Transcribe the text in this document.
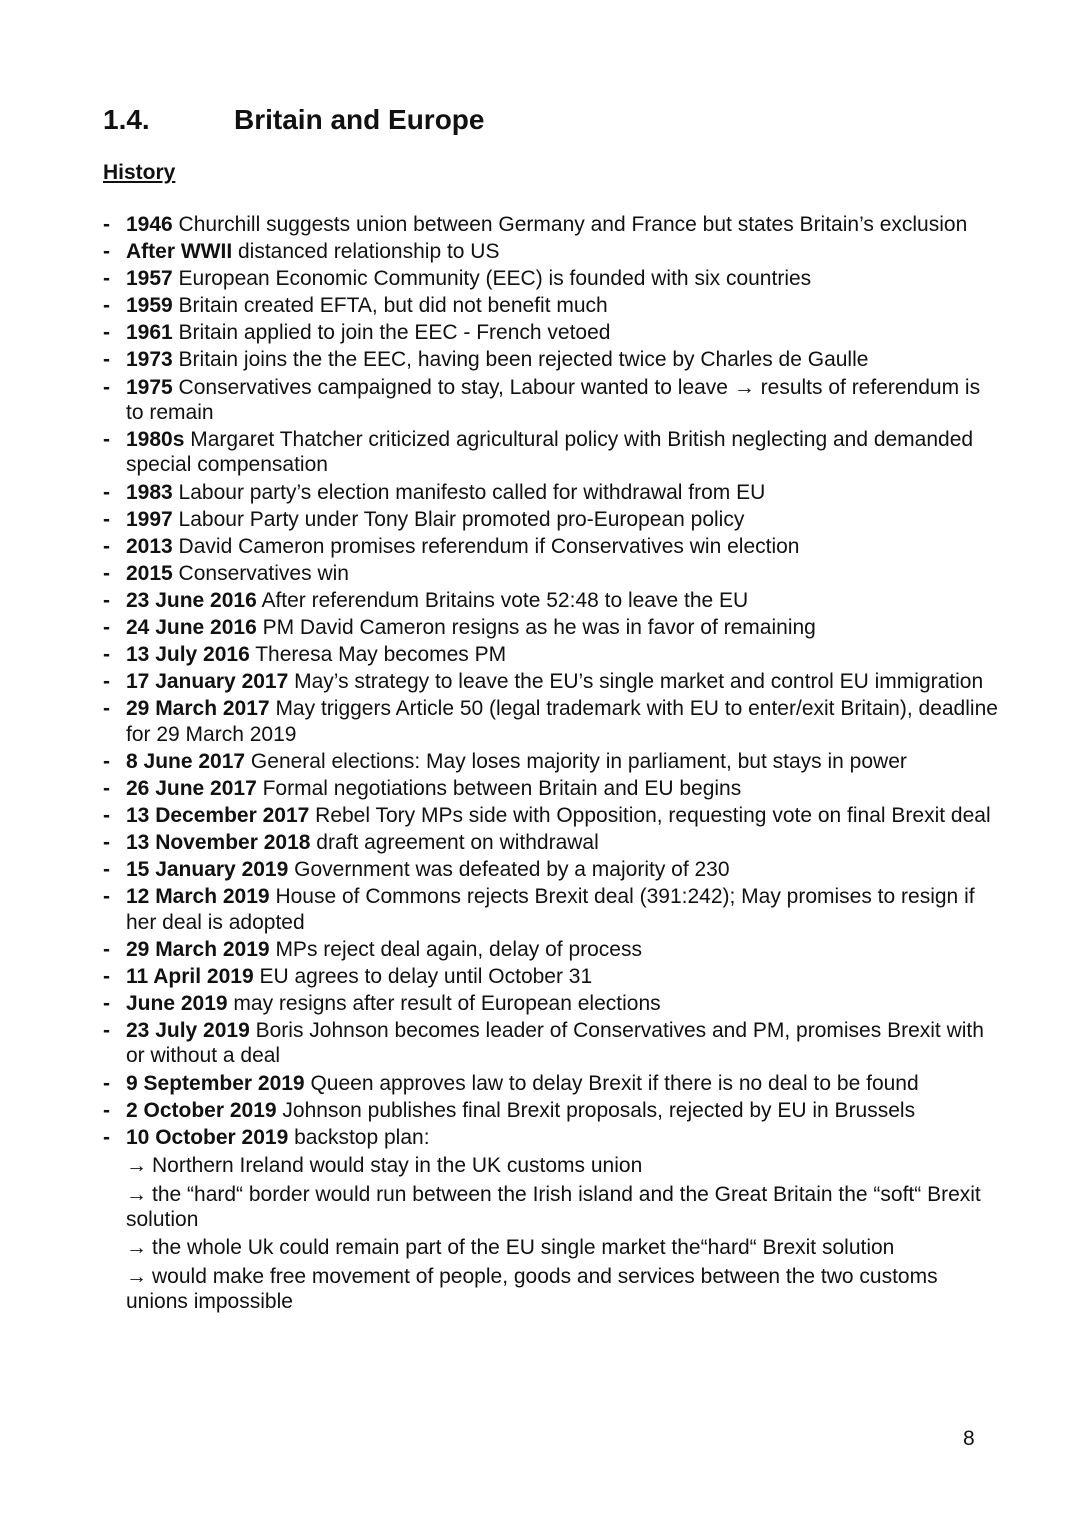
1.4.	Britain and Europe
History
- 1946 Churchill suggests union between Germany and France but states Britain’s exclusion
- After WWII distanced relationship to US
- 1957 European Economic Community (EEC) is founded with six countries
- 1959 Britain created EFTA, but did not benefit much
- 1961 Britain applied to join the EEC - French vetoed
- 1973 Britain joins the the EEC, having been rejected twice by Charles de Gaulle
- 1975 Conservatives campaigned to stay, Labour wanted to leave → results of referendum is to remain
- 1980s Margaret Thatcher criticized agricultural policy with British neglecting and demanded special compensation
- 1983 Labour party’s election manifesto called for withdrawal from EU
- 1997 Labour Party under Tony Blair promoted pro-European policy
- 2013 David Cameron promises referendum if Conservatives win election
- 2015 Conservatives win
- 23 June 2016 After referendum Britains vote 52:48 to leave the EU
- 24 June 2016 PM David Cameron resigns as he was in favor of remaining
- 13 July 2016 Theresa May becomes PM
- 17 January 2017 May’s strategy to leave the EU’s single market and control EU immigration
- 29 March 2017 May triggers Article 50 (legal trademark with EU to enter/exit Britain), deadline for 29 March 2019
- 8 June 2017 General elections: May loses majority in parliament, but stays in power
- 26 June 2017 Formal negotiations between Britain and EU begins
- 13 December 2017 Rebel Tory MPs side with Opposition, requesting vote on final Brexit deal
- 13 November 2018 draft agreement on withdrawal
- 15 January 2019 Government was defeated by a majority of 230
- 12 March 2019 House of Commons rejects Brexit deal (391:242); May promises to resign if her deal is adopted
- 29 March 2019 MPs reject deal again, delay of process
- 11 April 2019 EU agrees to delay until October 31
- June 2019 may resigns after result of European elections
- 23 July 2019 Boris Johnson becomes leader of Conservatives and PM, promises Brexit with or without a deal
- 9 September 2019 Queen approves law to delay Brexit if there is no deal to be found
- 2 October 2019 Johnson publishes final Brexit proposals, rejected by EU in Brussels
- 10 October 2019 backstop plan:
→ Northern Ireland would stay in the UK customs union
→ the “hard“ border would run between the Irish island and the Great Britain the “soft“ Brexit solution
→ the whole Uk could remain part of the EU single market the“hard“ Brexit solution
→ would make free movement of people, goods and services between the two customs unions impossible
8
